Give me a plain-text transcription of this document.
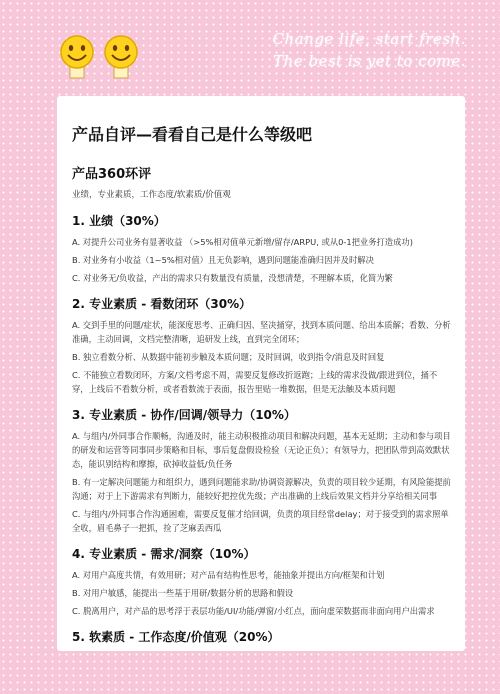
Change life, start fresh.
The best is yet to come.
产品自评—看看自己是什么等级吧
产品360环评
业绩，专业素质，工作态度/软素质/价值观
1. 业绩（30%）
A. 对提升公司业务有显著收益 （>5%相对值单元新增/留存/ARPU, 或从0-1把业务打造成功)
B. 对业务有小收益（1~5%相对值）且无负影响，遇到问题能准确归因并及时解决
C. 对业务无/负收益，产出的需求只有数量没有质量，没想清楚，不理解本质，化简为繁
2. 专业素质 - 看数闭环（30%）
A. 交到手里的问题/症状，能深度思考、正确归因、坚决捅穿，找到本质问题、给出本质解；看数、分析准确，主动回调，文档完整清晰，追研发上线，直到完全闭环；
B. 独立看数分析、从数据中能初步触及本质问题；及时回调，收到指令/消息及时回复
C. 不能独立看数闭环，方案/文档考虑不周，需要反复修改折返跑；上线的需求没做/跟进到位，捅不穿，上线后不看数分析，或者看数流于表面，报告里贴一堆数据，但是无法触及本质问题
3. 专业素质 - 协作/回调/领导力（10%）
A. 与组内/外同事合作顺畅，沟通及时，能主动积极推动项目和解决问题，基本无延期；主动和参与项目的研发和运营等同事同步策略和目标，事后复盘假设检验（无论正负）；有领导力，把团队带到高效默状态，能识别结构和摩擦，砍掉收益低/负任务
B. 有一定解决问题能力和组织力，遇到问题能求助/协调资源解决，负责的项目较少延期，有风险能提前沟通；对于上下游需求有判断力，能较好把控优先级；产出准确的上线后效果文档并分享给相关同事
C. 与组内/外同事合作沟通困难，需要反复催才给回调，负责的项目经常delay；对于接受到的需求照单全收，眉毛鼻子一把抓，捡了芝麻丢西瓜
4. 专业素质 - 需求/洞察（10%）
A. 对用户高度共情，有效用研；对产品有结构性思考，能抽象并提出方向/框架和计划
B. 对用户敏感，能提出一些基于用研/数据分析的思路和假设
C. 脱离用户，对产品的思考浮于表层功能/UI/功能/弹窗/小红点，面向虚荣数据而非面向用户出需求
5. 软素质 - 工作态度/价值观（20%）
